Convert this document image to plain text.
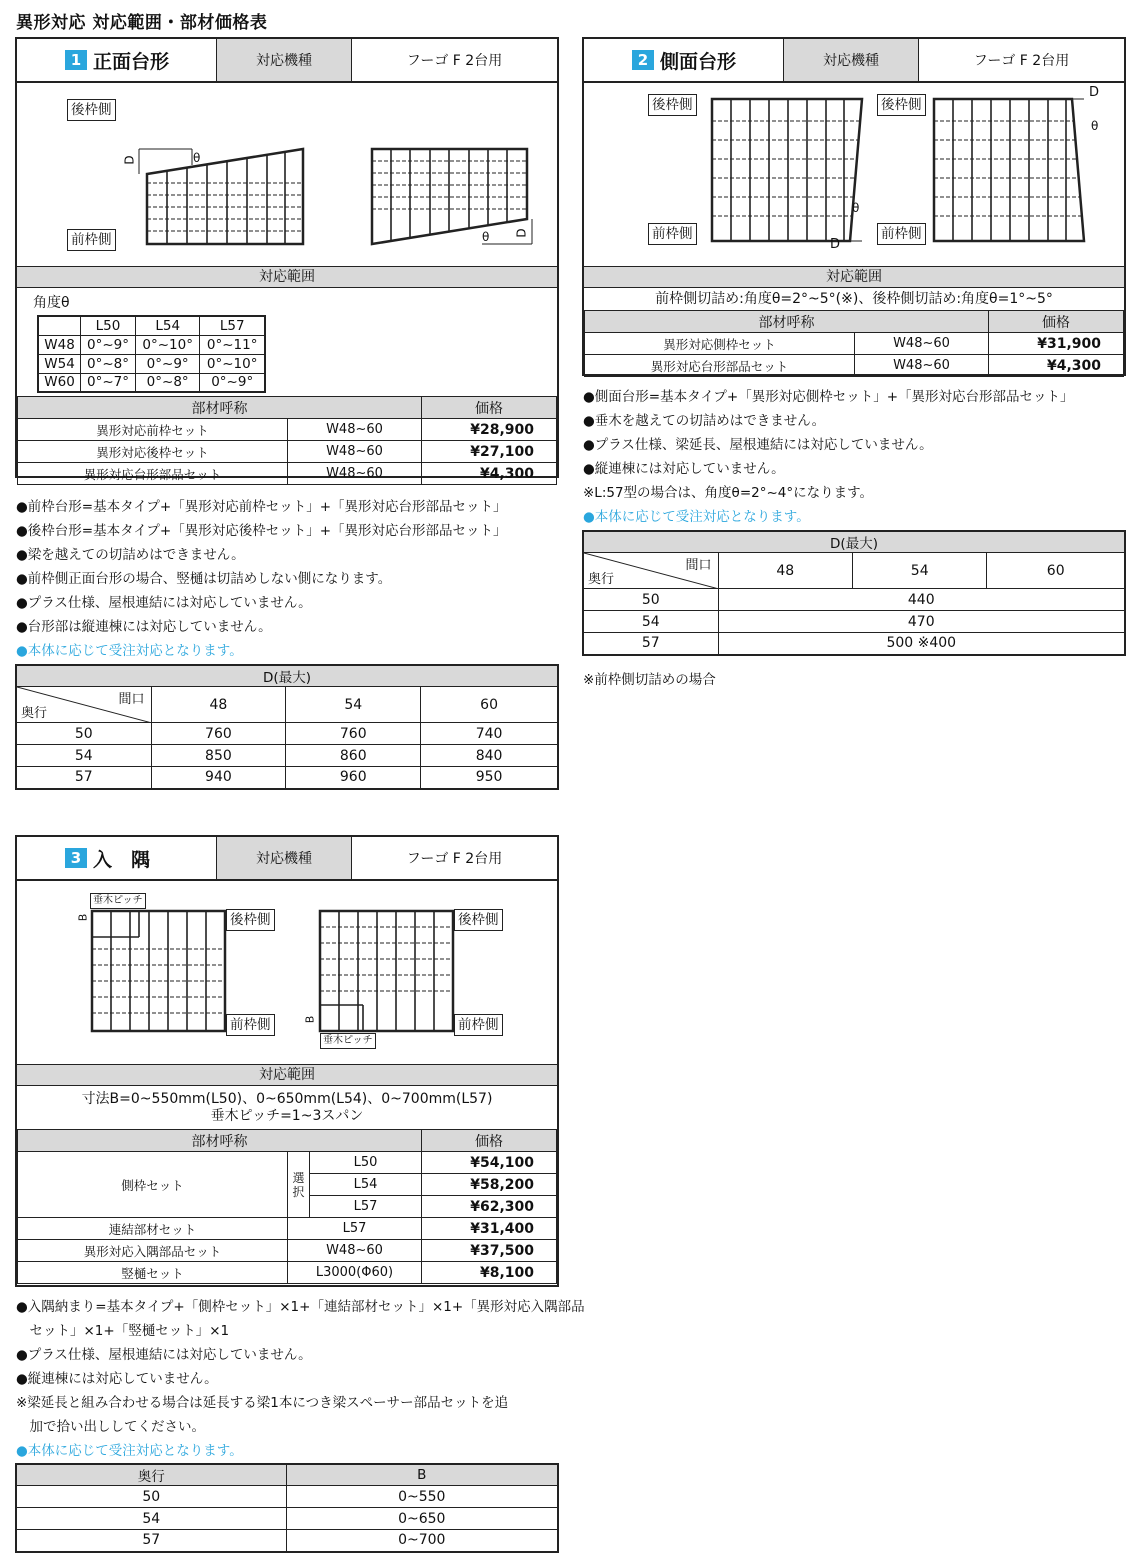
異形対応 対応範囲・部材価格表
1 正面台形	対応機種	フーゴ F 2台用
後枠側
前枠側
D	θ
D
θ
対応範囲
角度θ
	L50	L54	L57
W48	0°~9°	0°~10°	0°~11°
W54	0°~8°	0°~9°	0°~10°
W60	0°~7°	0°~8°	0°~9°
部材呼称		価格
異形対応前枠セット	W48~60	¥28,900
異形対応後枠セット	W48~60	¥27,100
異形対応台形部品セット	W48~60	¥4,300
●前枠台形=基本タイプ+「異形対応前枠セット」+「異形対応台形部品セット」
●後枠台形=基本タイプ+「異形対応後枠セット」+「異形対応台形部品セット」
●梁を越えての切詰めはできません。
●前枠側正面台形の場合、竪樋は切詰めしない側になります。
●プラス仕様、屋根連結には対応していません。
●台形部は縦連棟には対応していません。
●本体に応じて受注対応となります。
D(最大)			

間口
奥行	48	54	60
50	760	760	740
54	850	860	840
57	940	960	950
2 側面台形	対応機種	フーゴ F 2台用
後枠側
前枠側
後枠側
前枠側
θ
D
D
θ
対応範囲
前枠側切詰め:角度θ=2°~5°(※)、後枠側切詰め:角度θ=1°~5°
部材呼称		価格
異形対応側枠セット	W48~60	¥31,900
異形対応台形部品セット	W48~60	¥4,300
●側面台形=基本タイプ+「異形対応側枠セット」+「異形対応台形部品セット」
●垂木を越えての切詰めはできません。
●プラス仕様、梁延長、屋根連結には対応していません。
●縦連棟には対応していません。
※L:57型の場合は、角度θ=2°~4°になります。
●本体に応じて受注対応となります。
D(最大)			

間口
奥行	48	54	60
50	440		
54	470		
57	500 ※400		
※前枠側切詰めの場合
3 入　隅	対応機種	フーゴ F 2台用
垂木ピッチ
B	後枠側
前枠側
後枠側
前枠側
垂木ピッチ
B
対応範囲
寸法B=0~550mm(L50)、0~650mm(L54)、0~700mm(L57)
垂木ピッチ=1~3スパン
部材呼称			価格
側枠セット	選択	L50	¥54,100
		L54	¥58,200
		L57	¥62,300
連結部材セット	L57		¥31,400
異形対応入隅部品セット	W48~60		¥37,500
竪樋セット	L3000(Φ60)		¥8,100
●入隅納まり=基本タイプ+「側枠セット」×1+「連結部材セット」×1+「異形対応入隅部品
　セット」×1+「竪樋セット」×1
●プラス仕様、屋根連結には対応していません。
●縦連棟には対応していません。
※梁延長と組み合わせる場合は延長する梁1本につき梁スペーサー部品セットを追
　加で拾い出ししてください。
●本体に応じて受注対応となります。
奥行	B
50	0~550
54	0~650
57	0~700
